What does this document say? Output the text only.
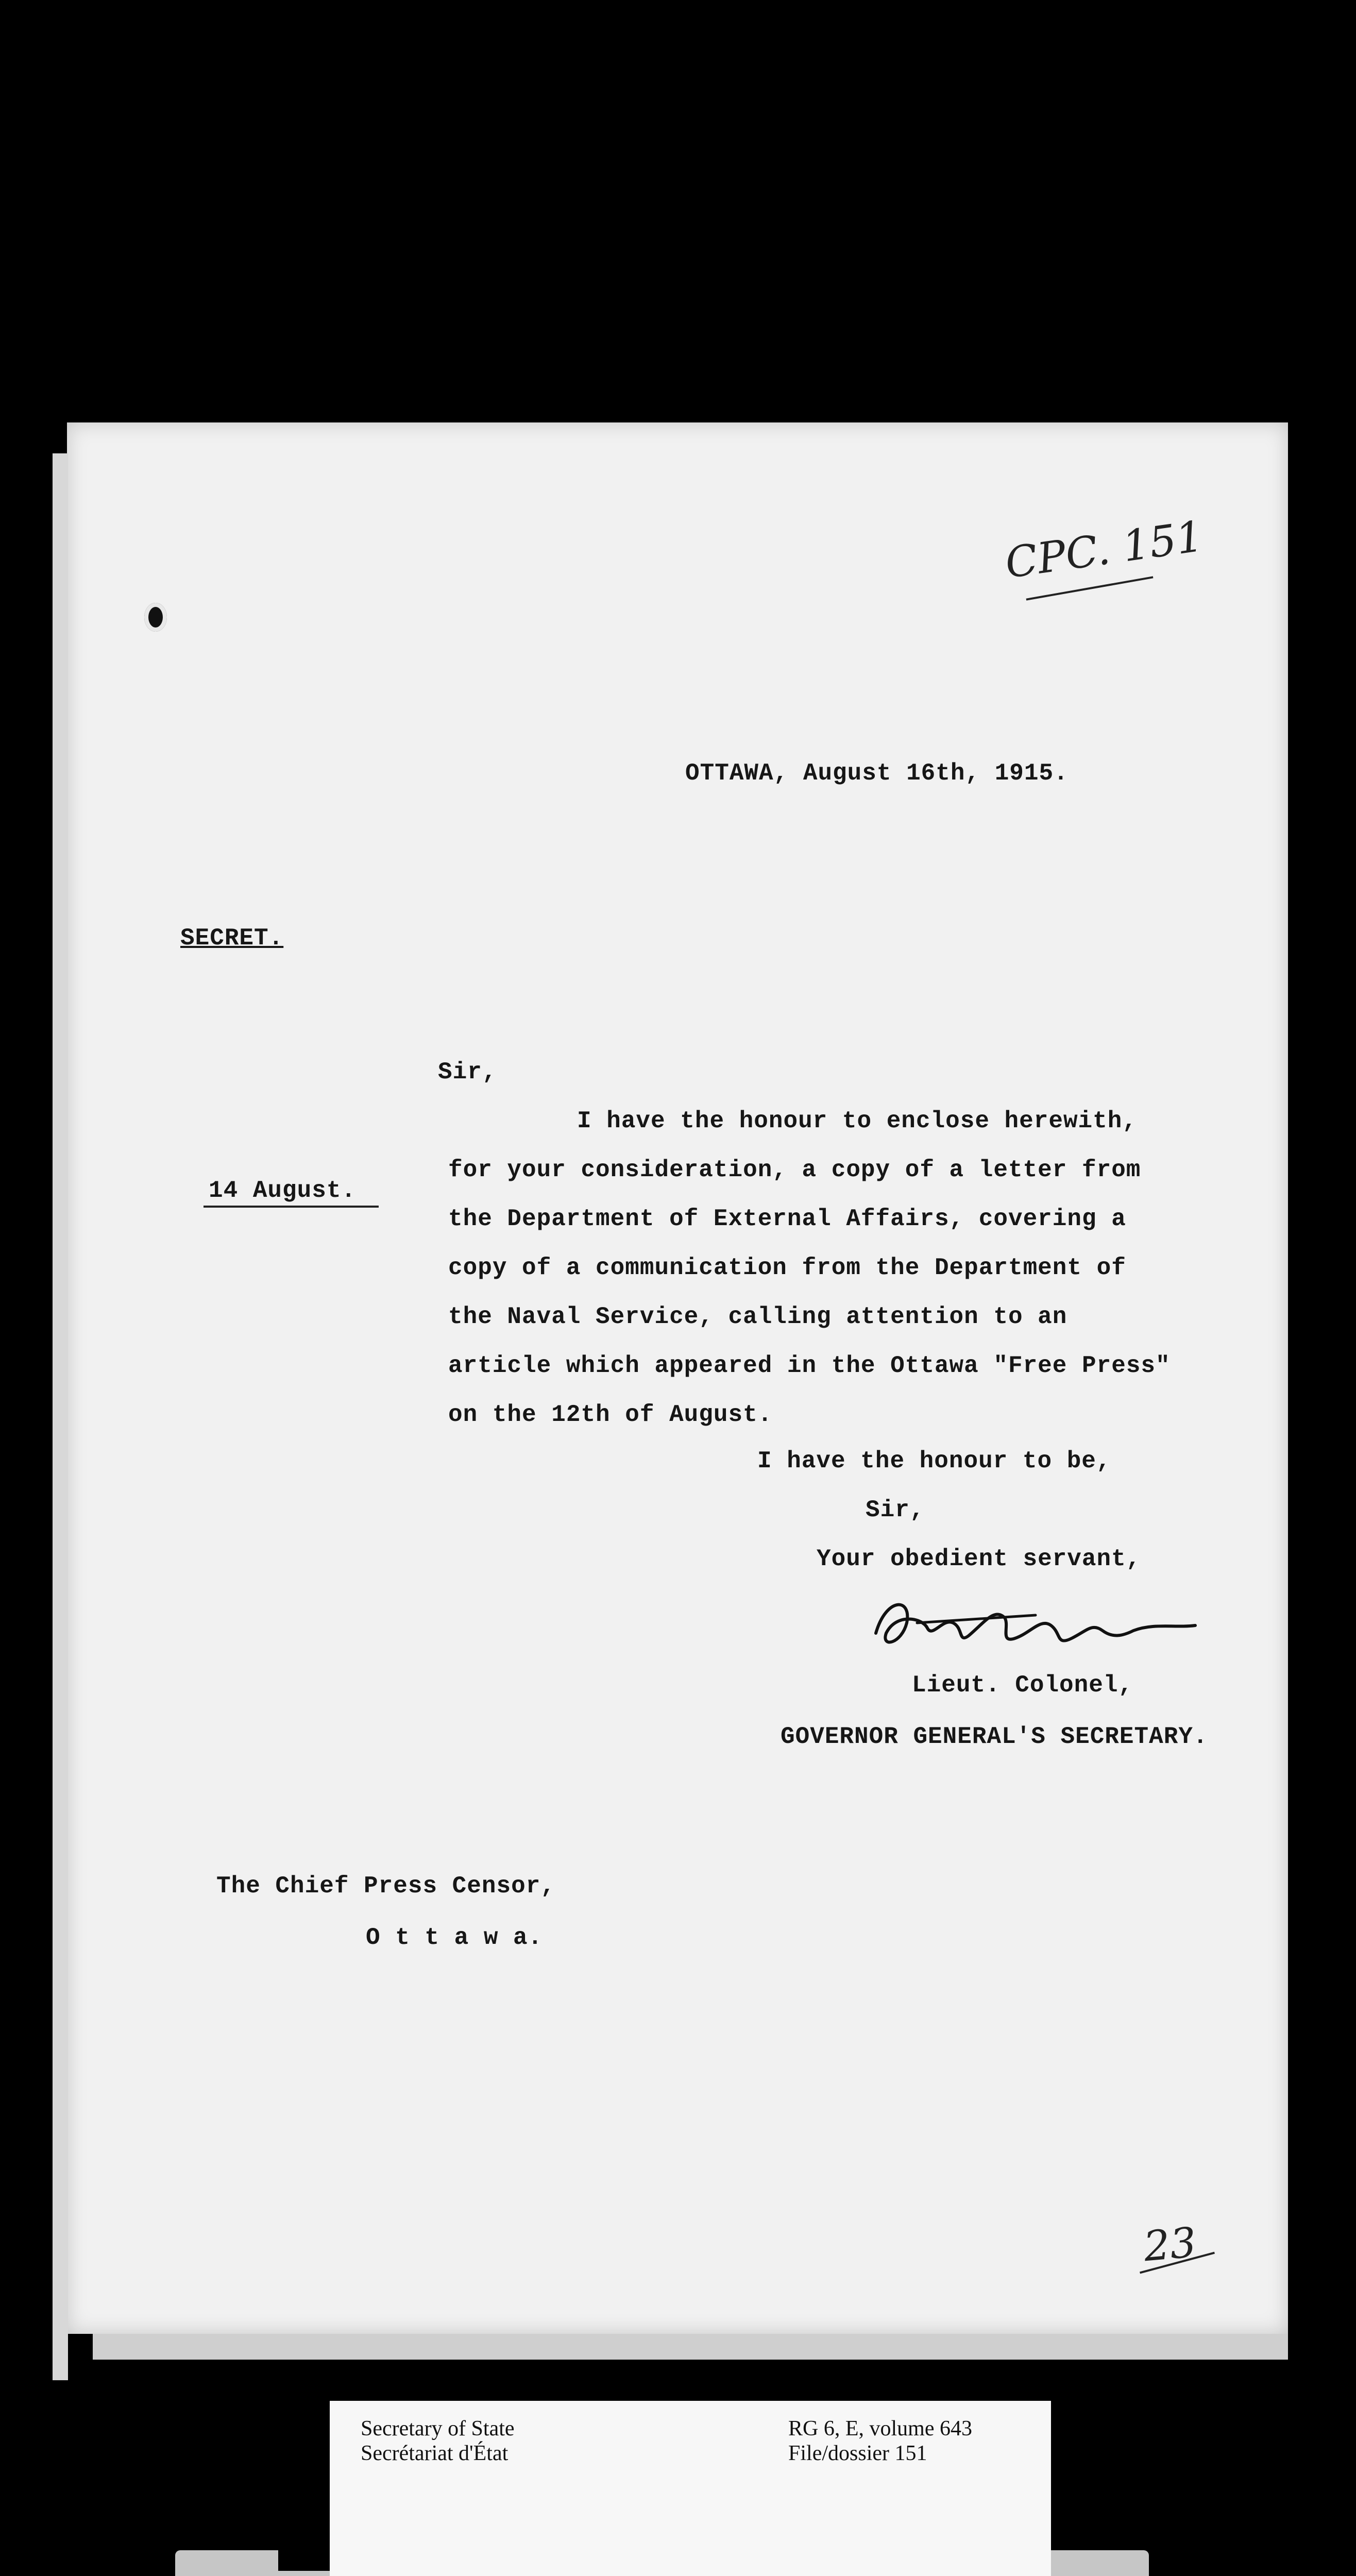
CPC. 151
OTTAWA, August 16th, 1915.
SECRET.
Sir,
14 August.
I have the honour to enclose herewith,
for your consideration, a copy of a letter from
the Department of External Affairs, covering a
copy of a communication from the Department of
the Naval Service, calling attention to an
article which appeared in the Ottawa "Free Press"
on the 12th of August.
I have the honour to be,
Sir,
Your obedient servant,
Lieut. Colonel,
GOVERNOR GENERAL'S SECRETARY.
The Chief Press Censor,
O t t a w a.
23
Secretary of State
Secrétariat d'État
RG 6, E, volume 643
File/dossier 151
